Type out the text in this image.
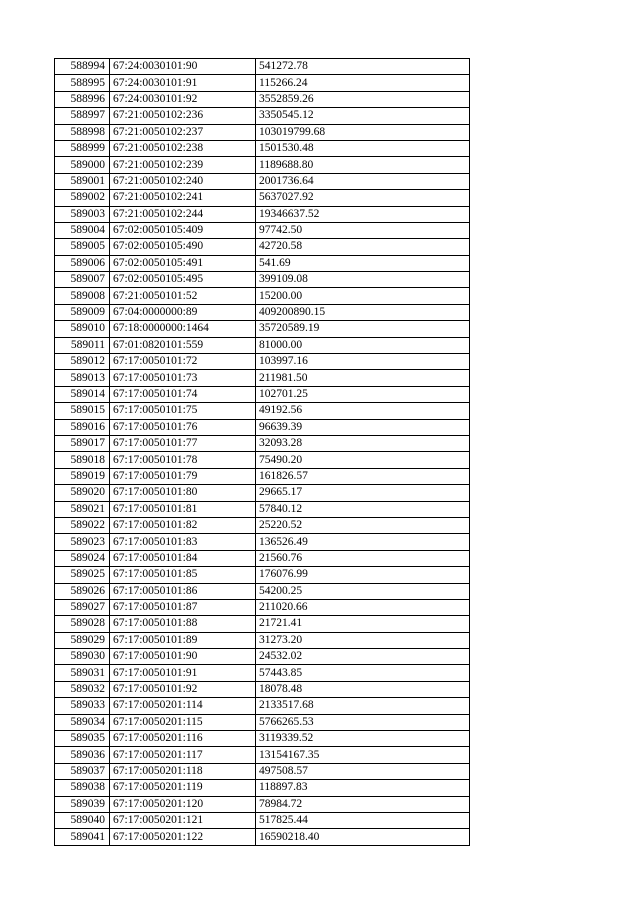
588994	67:24:0030101:90	541272.78
588995	67:24:0030101:91	115266.24
588996	67:24:0030101:92	3552859.26
588997	67:21:0050102:236	3350545.12
588998	67:21:0050102:237	103019799.68
588999	67:21:0050102:238	1501530.48
589000	67:21:0050102:239	1189688.80
589001	67:21:0050102:240	2001736.64
589002	67:21:0050102:241	5637027.92
589003	67:21:0050102:244	19346637.52
589004	67:02:0050105:409	97742.50
589005	67:02:0050105:490	42720.58
589006	67:02:0050105:491	541.69
589007	67:02:0050105:495	399109.08
589008	67:21:0050101:52	15200.00
589009	67:04:0000000:89	409200890.15
589010	67:18:0000000:1464	35720589.19
589011	67:01:0820101:559	81000.00
589012	67:17:0050101:72	103997.16
589013	67:17:0050101:73	211981.50
589014	67:17:0050101:74	102701.25
589015	67:17:0050101:75	49192.56
589016	67:17:0050101:76	96639.39
589017	67:17:0050101:77	32093.28
589018	67:17:0050101:78	75490.20
589019	67:17:0050101:79	161826.57
589020	67:17:0050101:80	29665.17
589021	67:17:0050101:81	57840.12
589022	67:17:0050101:82	25220.52
589023	67:17:0050101:83	136526.49
589024	67:17:0050101:84	21560.76
589025	67:17:0050101:85	176076.99
589026	67:17:0050101:86	54200.25
589027	67:17:0050101:87	211020.66
589028	67:17:0050101:88	21721.41
589029	67:17:0050101:89	31273.20
589030	67:17:0050101:90	24532.02
589031	67:17:0050101:91	57443.85
589032	67:17:0050101:92	18078.48
589033	67:17:0050201:114	2133517.68
589034	67:17:0050201:115	5766265.53
589035	67:17:0050201:116	3119339.52
589036	67:17:0050201:117	13154167.35
589037	67:17:0050201:118	497508.57
589038	67:17:0050201:119	118897.83
589039	67:17:0050201:120	78984.72
589040	67:17:0050201:121	517825.44
589041	67:17:0050201:122	16590218.40
